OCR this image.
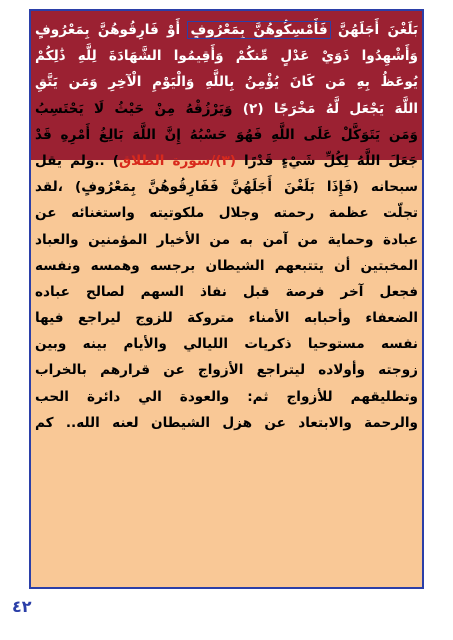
بَلَغْنَ أَجَلَهُنَّ فَأَمْسِكُوهُنَّ بِمَعْرُوفٍ أَوْ فَارِقُوهُنَّ بِمَعْرُوفٍ
وَأَشْهِدُوا ذَوَيْ عَدْلٍ مِّنكُمْ وَأَقِيمُوا الشَّهَادَةَ لِلَّهِ ذَٰلِكُمْ
يُوعَظُ بِهِ مَن كَانَ يُؤْمِنُ بِاللَّهِ وَالْيَوْمِ الْآخِرِ وَمَن يَتَّقِ
اللَّهَ يَجْعَل لَّهُ مَخْرَجًا (٢) وَيَرْزُقْهُ مِنْ حَيْثُ لَا يَحْتَسِبُ
وَمَن يَتَوَكَّلْ عَلَى اللَّهِ فَهُوَ حَسْبُهُ إِنَّ اللَّهَ بَالِغُ أَمْرِهِ قَدْ
جَعَلَ اللَّهُ لِكُلِّ شَيْءٍ قَدْرًا (٣)/سورة الطلاق) ..ولم يقل
سبحانه (فَإِذَا بَلَغْنَ أَجَلَهُنَّ فَفَارِقُوهُنَّ بِمَعْرُوفٍ) ،لقد
تجلّت عظمة رحمته وجلال ملكوتيته واستغنائه عن
عبادة وحماية من آمن به من الأخيار المؤمنين والعباد
المخبتين أن يتتبعهم الشيطان برجسه وهمسه ونفسه
فجعل آخر فرصة قبل نفاذ السهم لصالح عباده
الضعفاء وأحبابه الأمناء متروكة للزوج ليراجع فيها
نفسه مستوحيا ذكريات الليالي والأيام بينه وبين
زوجته وأولاده ليتراجع الأزواج عن قرارهم بالخراب
وتطليقهم للأزواج ثم: والعودة الي دائرة الحب
والرحمة والابتعاد عن هزل الشيطان لعنه الله.. كم
٤٢
